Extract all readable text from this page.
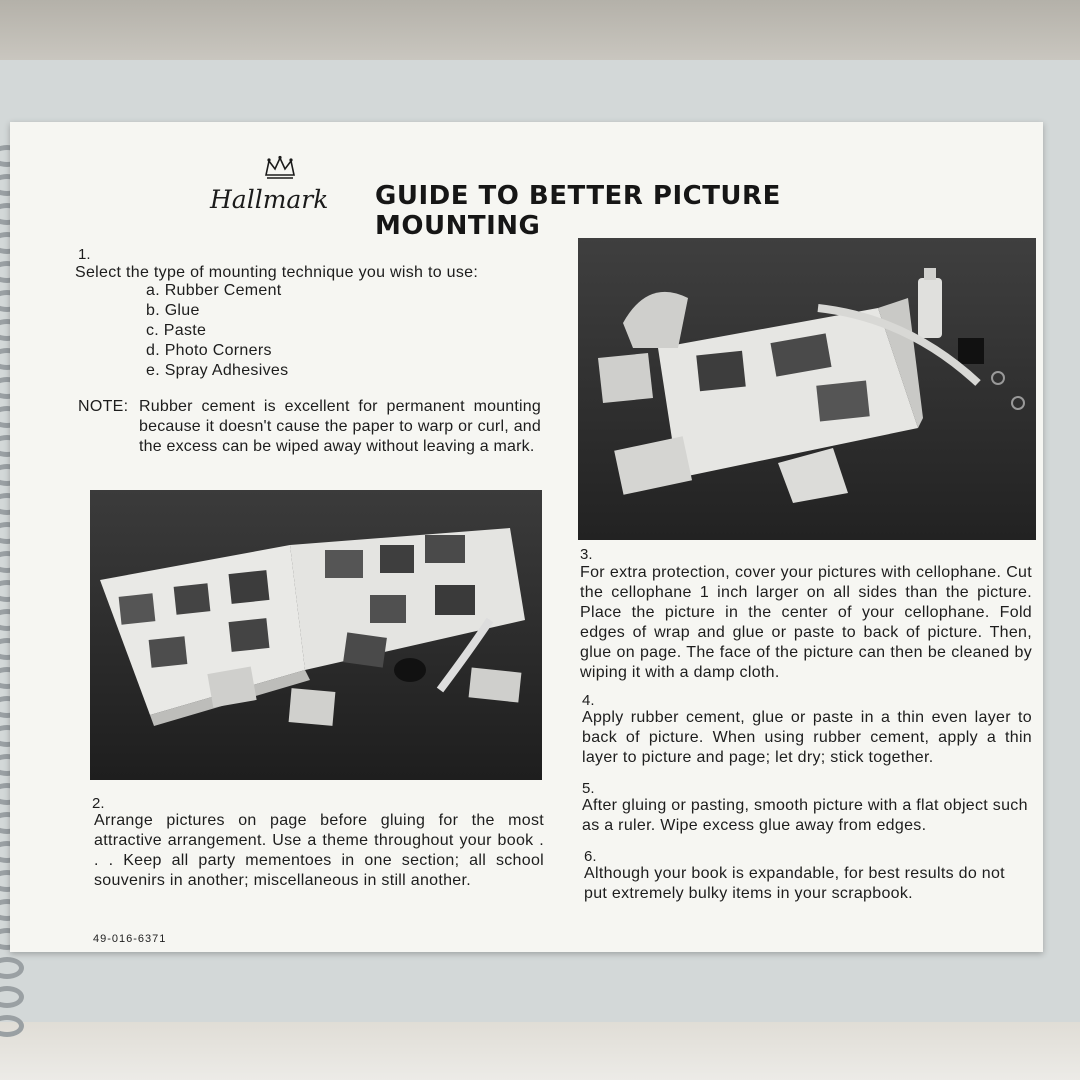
Hallmark GUIDE TO BETTER PICTURE MOUNTING
1.
Select the type of mounting technique you wish to use:
a. Rubber Cement
b. Glue
c. Paste
d. Photo Corners
e. Spray Adhesives
NOTE: Rubber cement is excellent for permanent mounting because it doesn't cause the paper to warp or curl, and the excess can be wiped away without leaving a mark.
2.
Arrange pictures on page before gluing for the most attractive arrangement. Use a theme throughout your book . . . Keep all party mementoes in one section; all school souvenirs in another; miscellaneous in still another.
3.
For extra protection, cover your pictures with cellophane. Cut the cellophane 1 inch larger on all sides than the picture. Place the picture in the center of your cellophane. Fold edges of wrap and glue or paste to back of picture. Then, glue on page. The face of the picture can then be cleaned by wiping it with a damp cloth.
4.
Apply rubber cement, glue or paste in a thin even layer to back of picture. When using rubber cement, apply a thin layer to picture and page; let dry; stick together.
5.
After gluing or pasting, smooth picture with a flat object such as a ruler. Wipe excess glue away from edges.
6.
Although your book is expandable, for best results do not put extremely bulky items in your scrapbook.
49-016-6371
